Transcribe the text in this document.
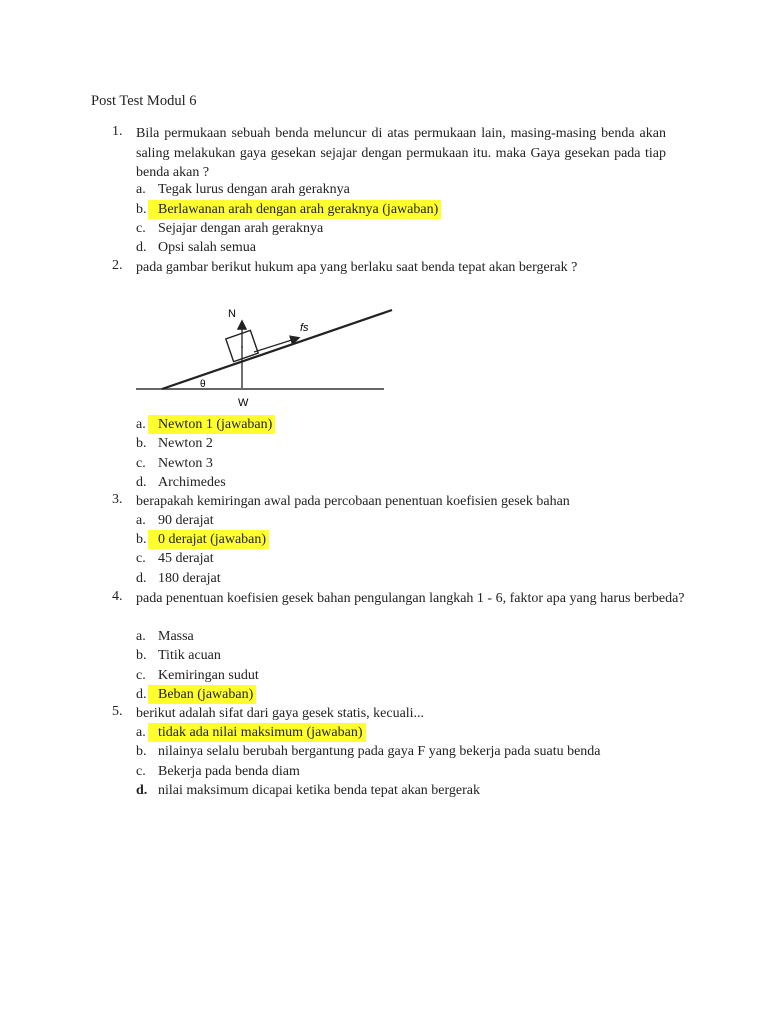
Post Test Modul 6
1. Bila permukaan sebuah benda meluncur di atas permukaan lain, masing-masing benda akan saling melakukan gaya gesekan sejajar dengan permukaan itu. maka Gaya gesekan pada tiap benda akan ?
a. Tegak lurus dengan arah geraknya
b. Berlawanan arah dengan arah geraknya (jawaban)
c. Sejajar dengan arah geraknya
d. Opsi salah semua
2. pada gambar berikut hukum apa yang berlaku saat benda tepat akan bergerak ?
N
fs
θ
W
a. Newton 1 (jawaban)
b. Newton 2
c. Newton 3
d. Archimedes
3. berapakah kemiringan awal pada percobaan penentuan koefisien gesek bahan
a. 90 derajat
b. 0 derajat (jawaban)
c. 45 derajat
d. 180 derajat
4. pada penentuan koefisien gesek bahan pengulangan langkah 1 - 6, faktor apa yang harus berbeda?
a. Massa
b. Titik acuan
c. Kemiringan sudut
d. Beban (jawaban)
5. berikut adalah sifat dari gaya gesek statis, kecuali...
a. tidak ada nilai maksimum (jawaban)
b. nilainya selalu berubah bergantung pada gaya F yang bekerja pada suatu benda
c. Bekerja pada benda diam
d. nilai maksimum dicapai ketika benda tepat akan bergerak
